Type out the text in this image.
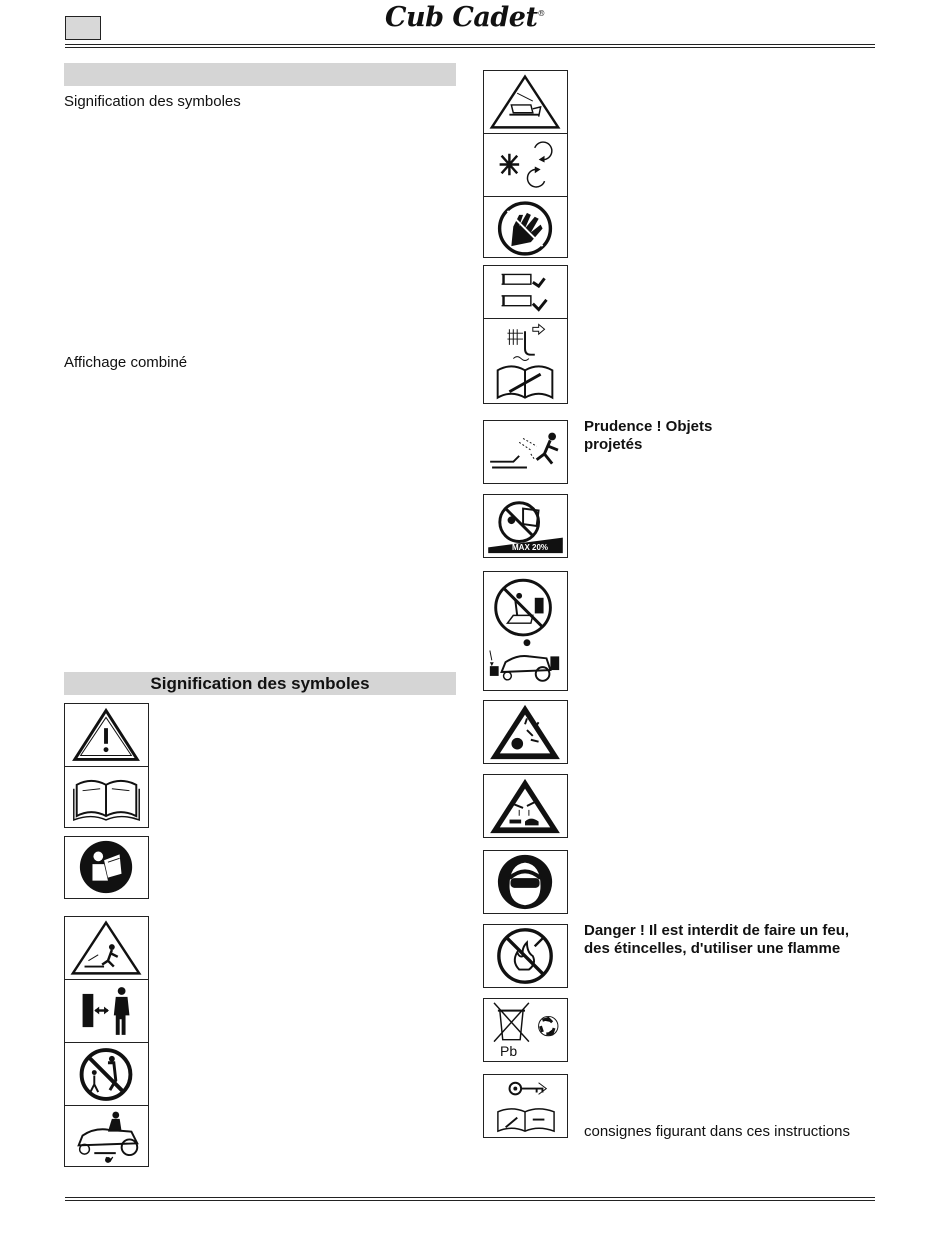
Cub Cadet®
Signification des symboles
Affichage combiné
Signification des symboles
Prudence ! Objets
projetés
MAX 20%
Danger ! Il est interdit de faire un feu,
des étincelles, d'utiliser une flamme
Pb
consignes figurant dans ces instructions
